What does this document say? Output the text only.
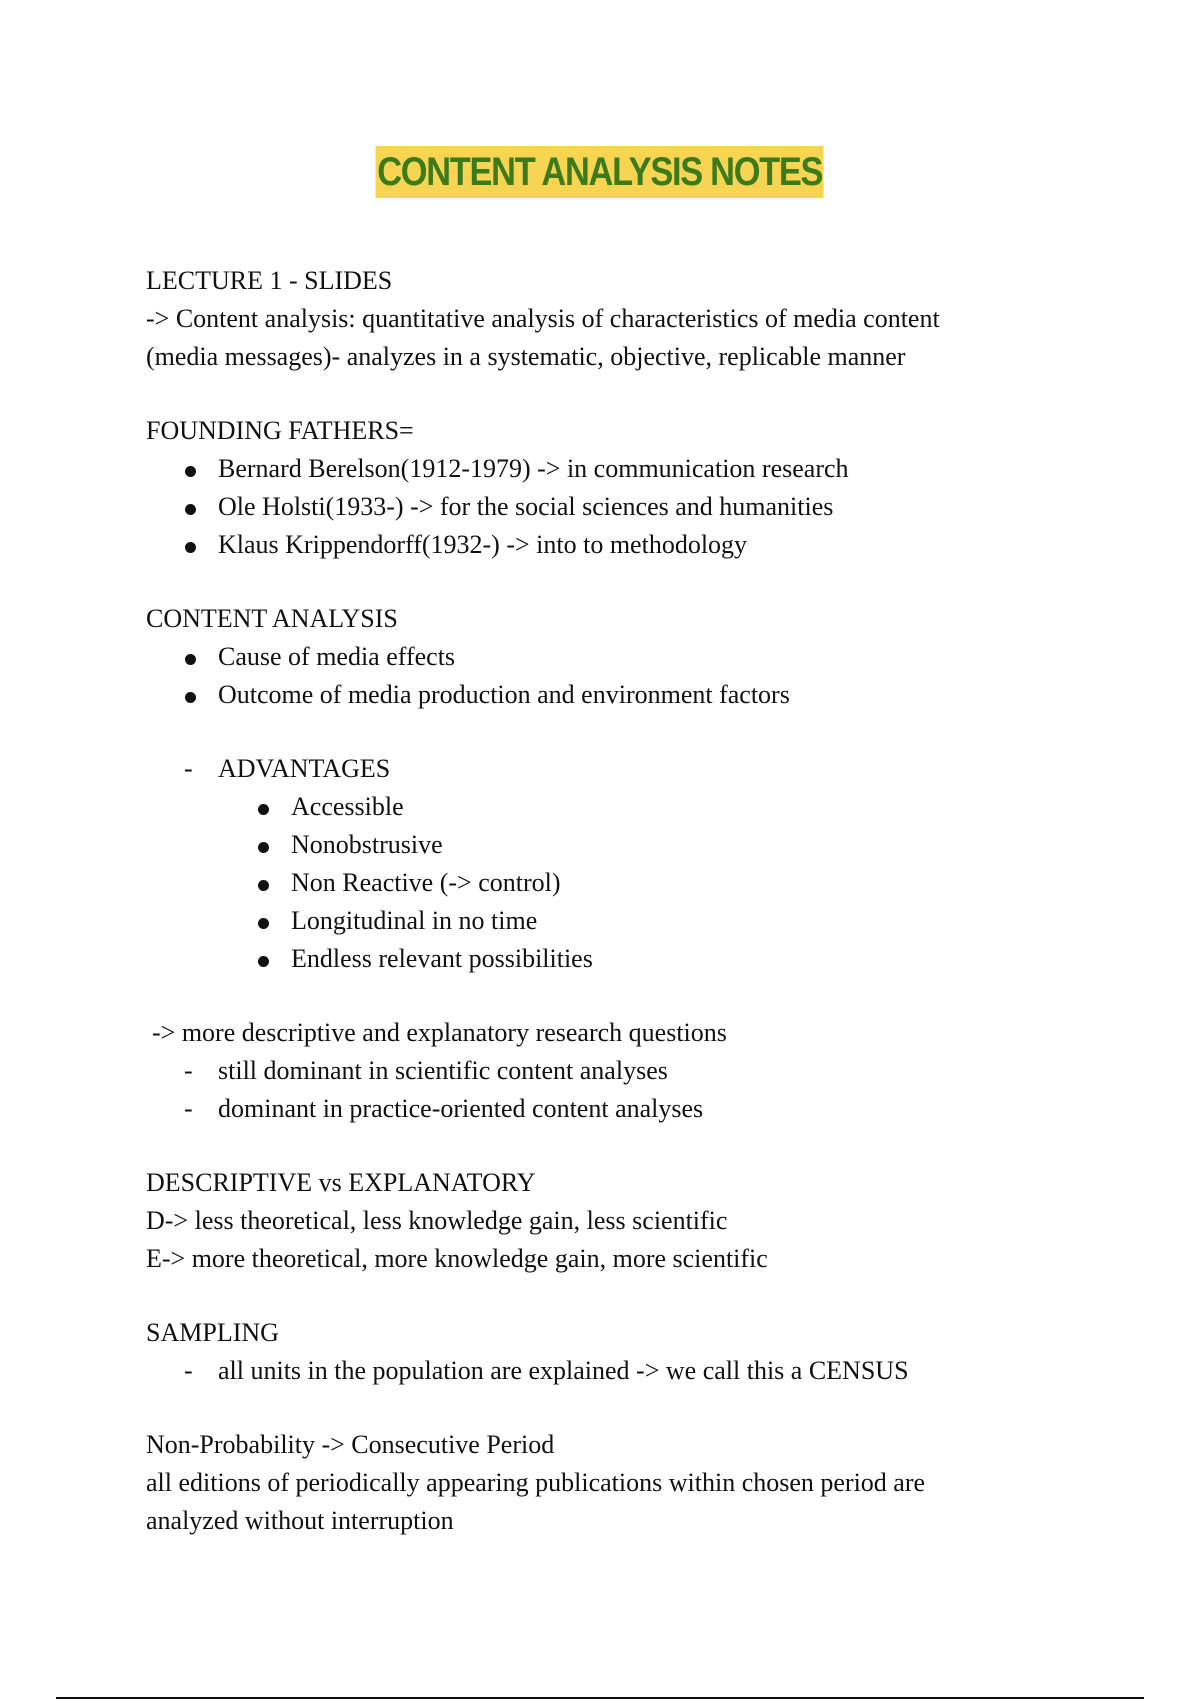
CONTENT ANALYSIS NOTES

LECTURE 1 - SLIDES

-> Content analysis: quantitative analysis of characteristics of media content

(media messages)- analyzes in a systematic, objective, replicable manner

FOUNDING FATHERS=

Bernard Berelson(1912-1979) -> in communication research
Ole Holsti(1933-) -> for the social sciences and humanities
Klaus Krippendorff(1932-) -> into to methodology

CONTENT ANALYSIS

Cause of media effects
Outcome of media production and environment factors
- ADVANTAGES
Accessible
Nonobstrusive
Non Reactive (-> control)
Longitudinal in no time
Endless relevant possibilities

-> more descriptive and explanatory research questions

- still dominant in scientific content analyses
- dominant in practice-oriented content analyses

DESCRIPTIVE vs EXPLANATORY

D-> less theoretical, less knowledge gain, less scientific

E-> more theoretical, more knowledge gain, more scientific

SAMPLING

- all units in the population are explained -> we call this a CENSUS

Non-Probability -> Consecutive Period

all editions of periodically appearing publications within chosen period are

analyzed without interruption
